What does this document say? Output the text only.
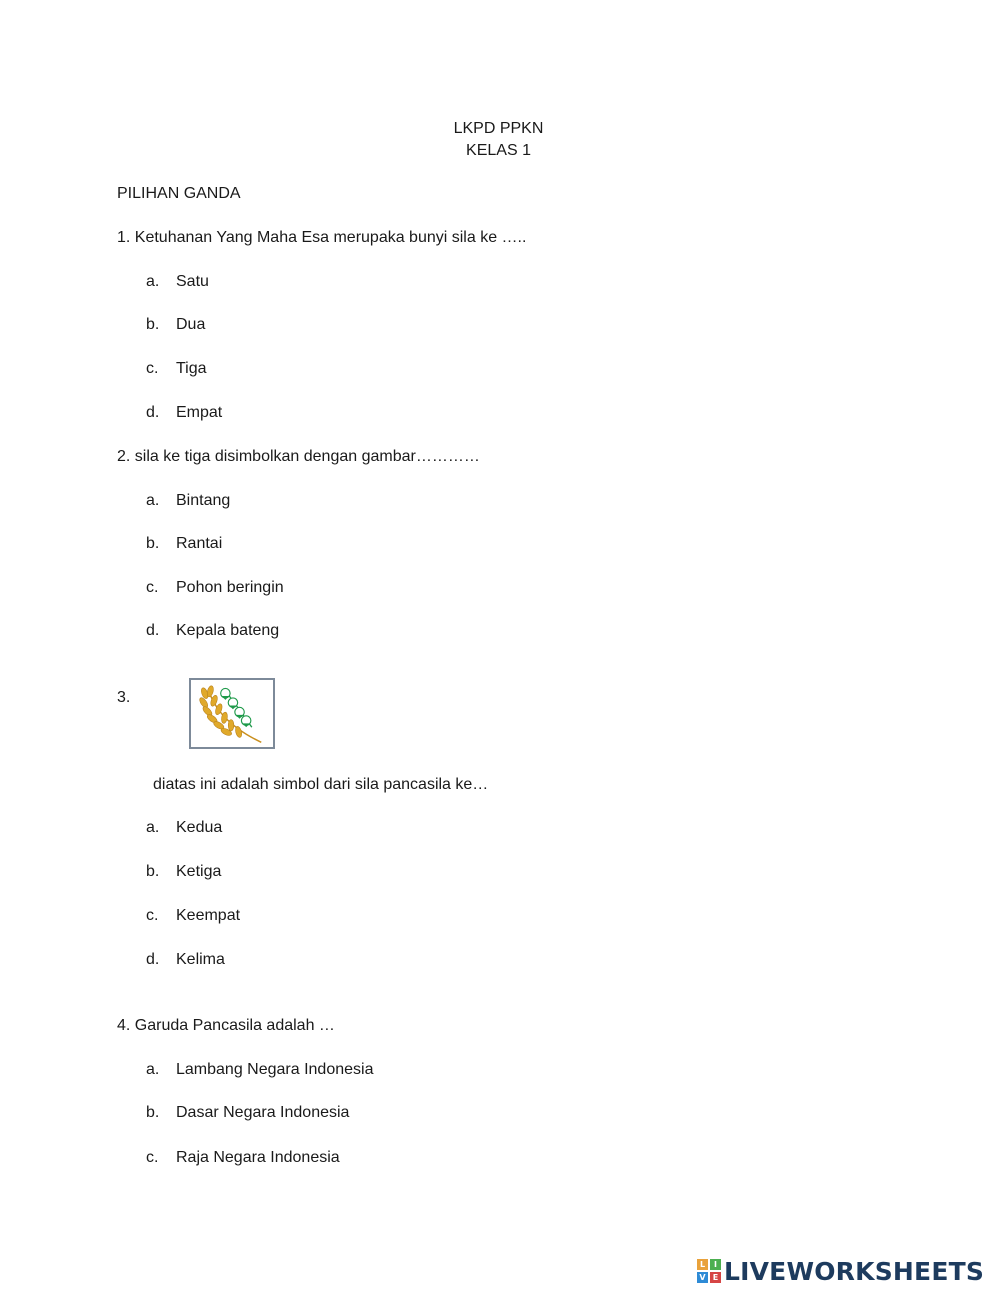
LKPD PPKN
KELAS 1
PILIHAN GANDA
1. Ketuhanan Yang Maha Esa merupaka bunyi sila ke …..
a. Satu
b. Dua
c. Tiga
d. Empat
2. sila ke tiga disimbolkan dengan gambar…………
a. Bintang
b. Rantai
c. Pohon beringin
d. Kepala bateng
3.
diatas ini adalah simbol dari sila pancasila ke…
a. Kedua
b. Ketiga
c. Keempat
d. Kelima
4. Garuda Pancasila adalah …
a. Lambang Negara Indonesia
b. Dasar Negara Indonesia
c. Raja Negara Indonesia
L	I
V E LIVEWORKSHEETS
